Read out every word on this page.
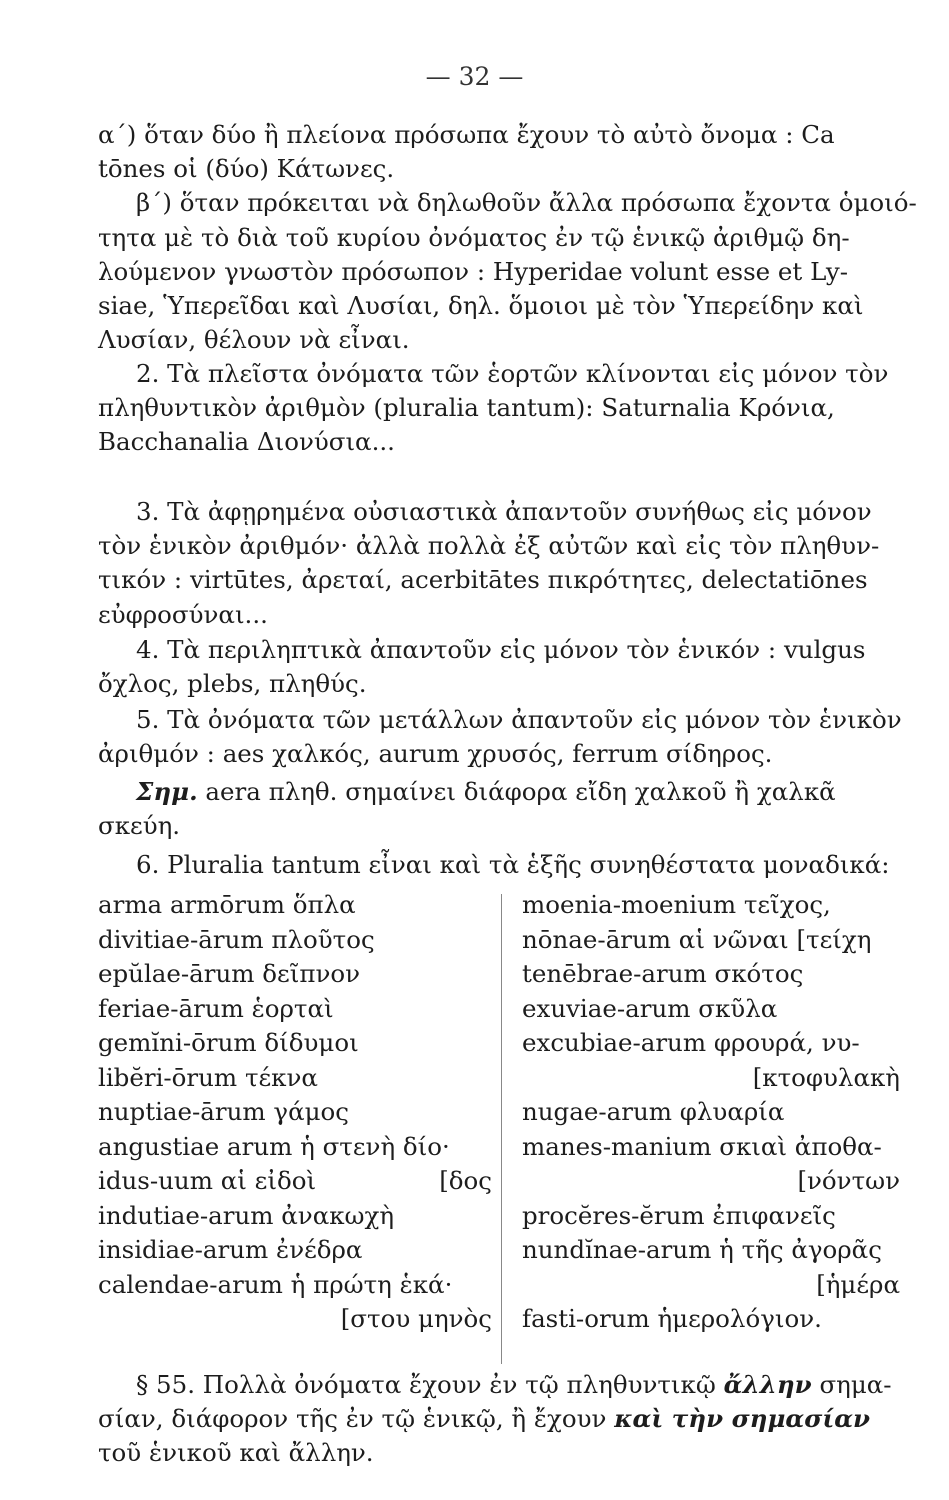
— 32 —
α΄) ὅταν δύο ἢ πλείονα πρόσωπα ἔχουν τὸ αὐτὸ ὄνομα : Ca
tōnes οἱ (δύο) Κάτωνες.
β΄) ὅταν πρόκειται νὰ δηλωθοῦν ἄλλα πρόσωπα ἔχοντα ὁμοιό-
τητα μὲ τὸ διὰ τοῦ κυρίου ὀνόματος ἐν τῷ ἑνικῷ ἀριθμῷ δη-
λούμενον γνωστὸν πρόσωπον : Hyperidae volunt esse et Ly-
siae, Ὑπερεῖδαι καὶ Λυσίαι, δηλ. ὅμοιοι μὲ τὸν Ὑπερείδην καὶ
Λυσίαν, θέλουν νὰ εἶναι.
2. Τὰ πλεῖστα ὀνόματα τῶν ἑορτῶν κλίνονται εἰς μόνον τὸν
πληθυντικὸν ἀριθμὸν (pluralia tantum): Saturnalia Κρόνια,
Bacchanalia Διονύσια...
3. Τὰ ἀφῃρημένα οὐσιαστικὰ ἀπαντοῦν συνήθως εἰς μόνον
τὸν ἑνικὸν ἀριθμόν· ἀλλὰ πολλὰ ἐξ αὐτῶν καὶ εἰς τὸν πληθυν-
τικόν : virtūtes, ἀρεταί, acerbitātes πικρότητες, delectatiōnes
εὐφροσύναι...
4. Τὰ περιληπτικὰ ἀπαντοῦν εἰς μόνον τὸν ἑνικόν : vulgus
ὄχλος, plebs, πληθύς.
5. Τὰ ὀνόματα τῶν μετάλλων ἀπαντοῦν εἰς μόνον τὸν ἑνικὸν
ἀριθμόν : aes χαλκός, aurum χρυσός, ferrum σίδηρος.
Σημ. aera πληθ. σημαίνει διάφορα εἴδη χαλκοῦ ἢ χαλκᾶ
σκεύη.
6. Pluralia tantum εἶναι καὶ τὰ ἑξῆς συνηθέστατα μοναδικά:
arma armōrum ὅπλα
divitiae-ārum πλοῦτος
epŭlae-ārum δεῖπνον
feriae-ārum ἑορταὶ
gemĭni-ōrum δίδυμοι
libĕri-ōrum τέκνα
nuptiae-ārum γάμος
angustiae arum ἡ στενὴ δίο·
idus-uum αἱ εἰδοὶ	[δος
indutiae-arum ἀνακωχὴ
insidiae-arum ἐνέδρα
calendae-arum ἡ πρώτη ἑκά·
[στου μηνὸς
moenia-moenium τεῖχος,
nōnae-ārum αἱ νῶναι [τείχη
tenēbrae-arum σκότος
exuviae-arum σκῦλα
excubiae-arum φρουρά, νυ-
[κτοφυλακὴ
nugae-arum φλυαρία
manes-manium σκιαὶ ἀποθα-
[νόντων
procĕres-ĕrum ἐπιφανεῖς
nundĭnae-arum ἡ τῆς ἀγορᾶς
[ἡμέρα
fasti-orum ἡμερολόγιον.
§ 55. Πολλὰ ὀνόματα ἔχουν ἐν τῷ πληθυντικῷ ἄλλην σημα-
σίαν, διάφορον τῆς ἐν τῷ ἑνικῷ, ἢ ἔχουν καὶ τὴν σημασίαν
τοῦ ἑνικοῦ καὶ ἄλλην.
